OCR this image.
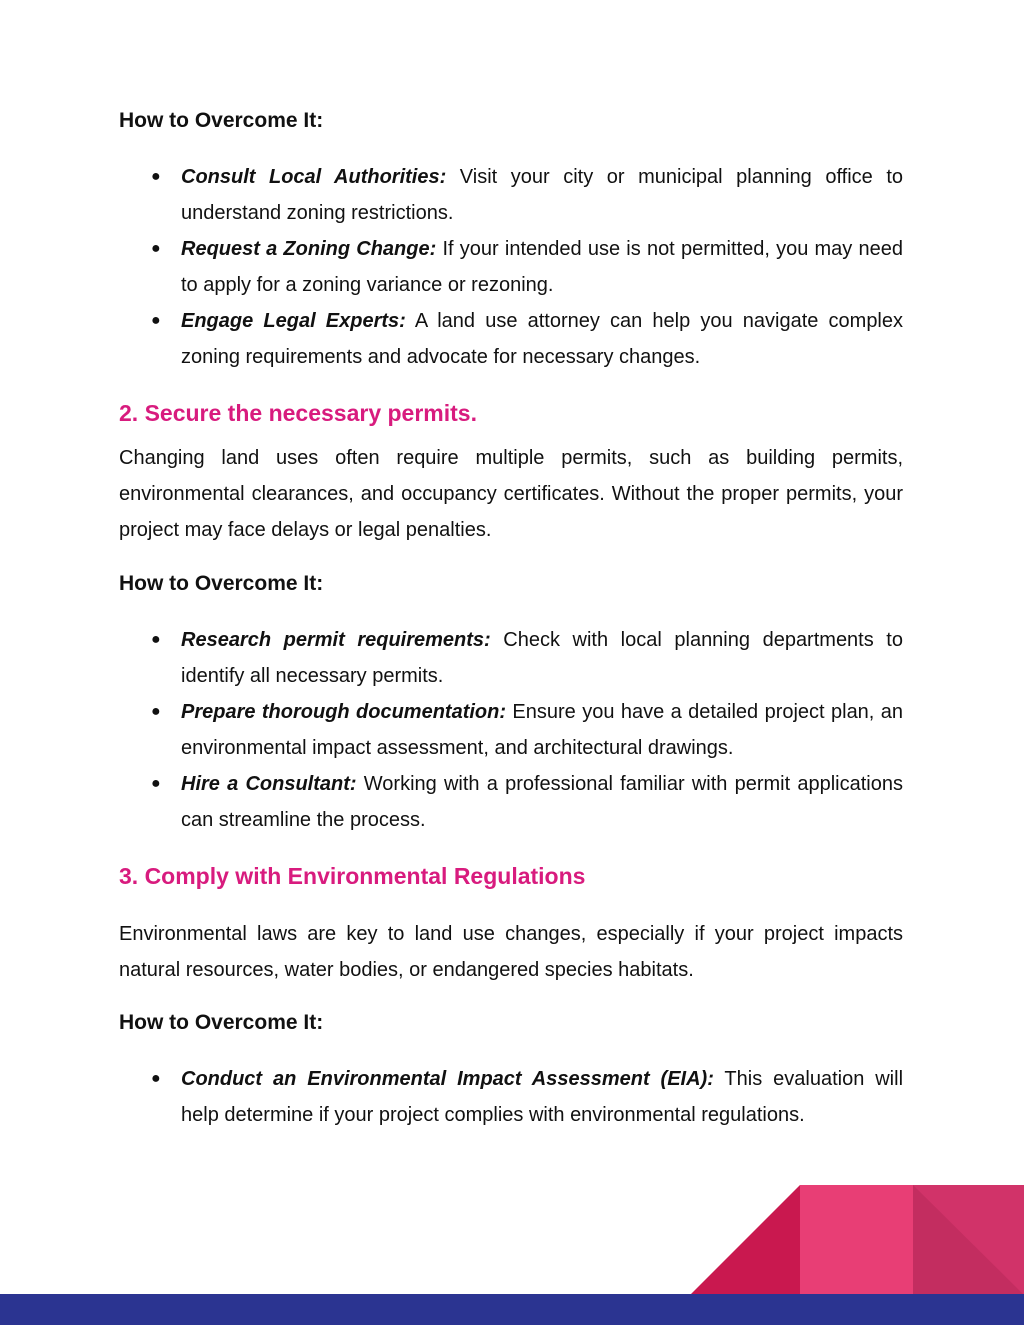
How to Overcome It:
● Consult Local Authorities: Visit your city or municipal planning office to understand zoning restrictions.
● Request a Zoning Change: If your intended use is not permitted, you may need to apply for a zoning variance or rezoning.
● Engage Legal Experts: A land use attorney can help you navigate complex zoning requirements and advocate for necessary changes.
2. Secure the necessary permits.

Changing land uses often require multiple permits, such as building permits, environmental clearances, and occupancy certificates. Without the proper permits, your project may face delays or legal penalties.

How to Overcome It:
● Research permit requirements: Check with local planning departments to identify all necessary permits.
● Prepare thorough documentation: Ensure you have a detailed project plan, an environmental impact assessment, and architectural drawings.
● Hire a Consultant: Working with a professional familiar with permit applications can streamline the process.
3. Comply with Environmental Regulations

Environmental laws are key to land use changes, especially if your project impacts natural resources, water bodies, or endangered species habitats.

How to Overcome It:
● Conduct an Environmental Impact Assessment (EIA): This evaluation will help determine if your project complies with environmental regulations.
